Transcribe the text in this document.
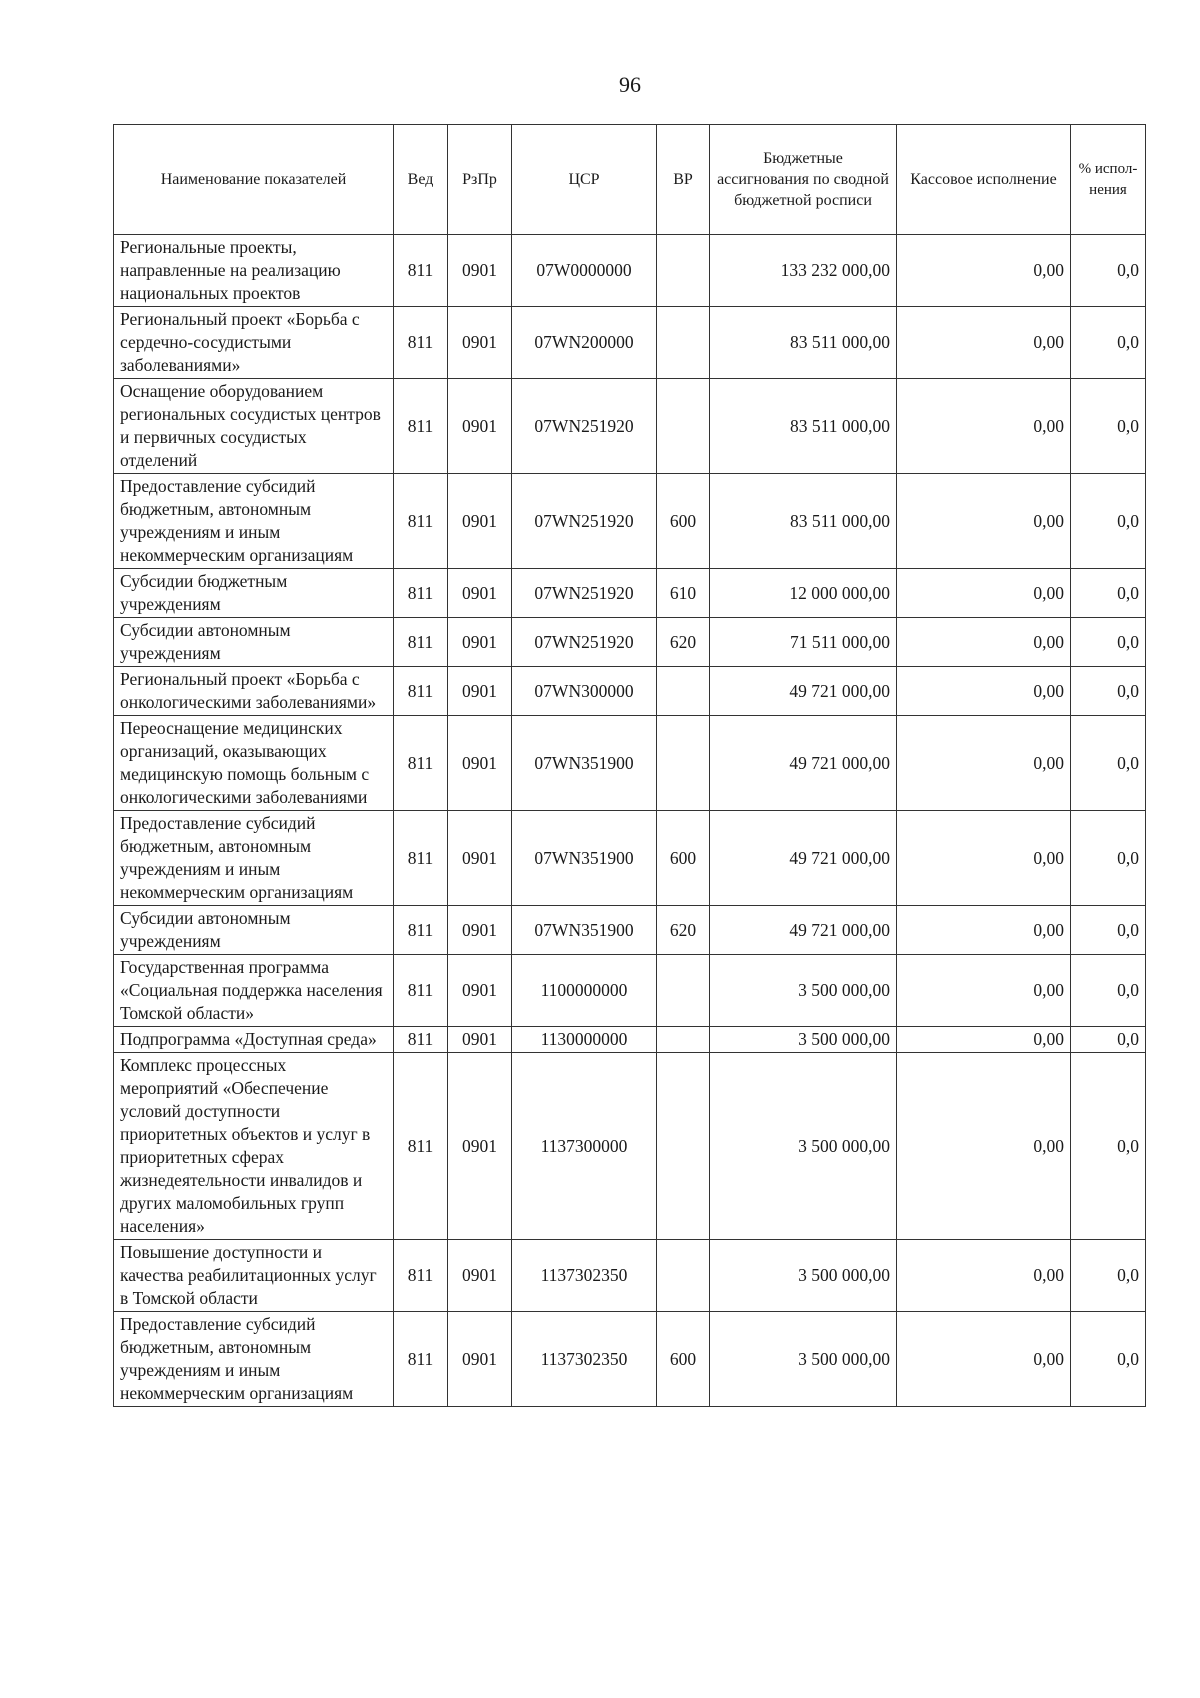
96
Наименование показателей	Вед	РзПр	ЦСР	ВР	Бюджетные ассигнования по сводной бюджетной росписи	Кассовое исполнение	% испол-нения
Региональные проекты, направленные на реализацию национальных проектов	811	0901	07W0000000		133 232 000,00	0,00	0,0
Региональный проект «Борьба с сердечно-сосудистыми заболеваниями»	811	0901	07WN200000		83 511 000,00	0,00	0,0
Оснащение оборудованием региональных сосудистых центров и первичных сосудистых отделений	811	0901	07WN251920		83 511 000,00	0,00	0,0
Предоставление субсидий бюджетным, автономным учреждениям и иным некоммерческим организациям	811	0901	07WN251920	600	83 511 000,00	0,00	0,0
Субсидии бюджетным учреждениям	811	0901	07WN251920	610	12 000 000,00	0,00	0,0
Субсидии автономным учреждениям	811	0901	07WN251920	620	71 511 000,00	0,00	0,0
Региональный проект «Борьба с онкологическими заболеваниями»	811	0901	07WN300000		49 721 000,00	0,00	0,0
Переоснащение медицинских организаций, оказывающих медицинскую помощь больным с онкологическими заболеваниями	811	0901	07WN351900		49 721 000,00	0,00	0,0
Предоставление субсидий бюджетным, автономным учреждениям и иным некоммерческим организациям	811	0901	07WN351900	600	49 721 000,00	0,00	0,0
Субсидии автономным учреждениям	811	0901	07WN351900	620	49 721 000,00	0,00	0,0
Государственная программа «Социальная поддержка населения Томской области»	811	0901	1100000000		3 500 000,00	0,00	0,0
Подпрограмма «Доступная среда»	811	0901	1130000000		3 500 000,00	0,00	0,0
Комплекс процессных мероприятий «Обеспечение условий доступности приоритетных объектов и услуг в приоритетных сферах жизнедеятельности инвалидов и других маломобильных групп населения»	811	0901	1137300000		3 500 000,00	0,00	0,0
Повышение доступности и качества реабилитационных услуг в Томской области	811	0901	1137302350		3 500 000,00	0,00	0,0
Предоставление субсидий бюджетным, автономным учреждениям и иным некоммерческим организациям	811	0901	1137302350	600	3 500 000,00	0,00	0,0
